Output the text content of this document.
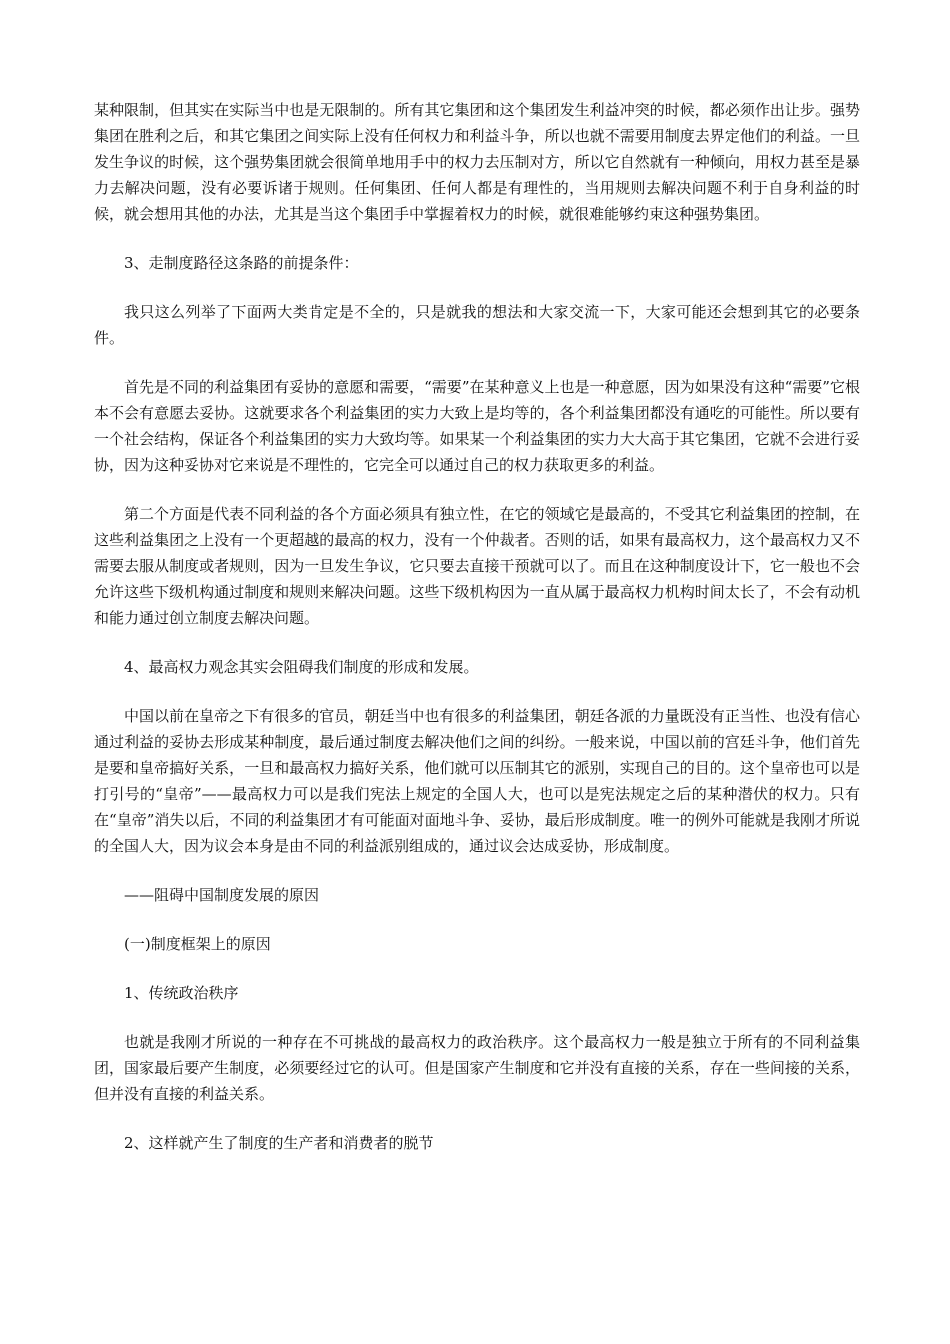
某种限制，但其实在实际当中也是无限制的。所有其它集团和这个集团发生利益冲突的时候，都必须作出让步。强势集团在胜利之后，和其它集团之间实际上没有任何权力和利益斗争，所以也就不需要用制度去界定他们的利益。一旦发生争议的时候，这个强势集团就会很简单地用手中的权力去压制对方，所以它自然就有一种倾向，用权力甚至是暴力去解决问题，没有必要诉诸于规则。任何集团、任何人都是有理性的，当用规则去解决问题不利于自身利益的时候，就会想用其他的办法，尤其是当这个集团手中掌握着权力的时候，就很难能够约束这种强势集团。

3、走制度路径这条路的前提条件：

我只这么列举了下面两大类肯定是不全的，只是就我的想法和大家交流一下，大家可能还会想到其它的必要条件。

首先是不同的利益集团有妥协的意愿和需要，“需要”在某种意义上也是一种意愿，因为如果没有这种“需要”它根本不会有意愿去妥协。这就要求各个利益集团的实力大致上是均等的，各个利益集团都没有通吃的可能性。所以要有一个社会结构，保证各个利益集团的实力大致均等。如果某一个利益集团的实力大大高于其它集团，它就不会进行妥协，因为这种妥协对它来说是不理性的，它完全可以通过自己的权力获取更多的利益。

第二个方面是代表不同利益的各个方面必须具有独立性，在它的领域它是最高的，不受其它利益集团的控制，在这些利益集团之上没有一个更超越的最高的权力，没有一个仲裁者。否则的话，如果有最高权力，这个最高权力又不需要去服从制度或者规则，因为一旦发生争议，它只要去直接干预就可以了。而且在这种制度设计下，它一般也不会允许这些下级机构通过制度和规则来解决问题。这些下级机构因为一直从属于最高权力机构时间太长了，不会有动机和能力通过创立制度去解决问题。

4、最高权力观念其实会阻碍我们制度的形成和发展。

中国以前在皇帝之下有很多的官员，朝廷当中也有很多的利益集团，朝廷各派的力量既没有正当性、也没有信心通过利益的妥协去形成某种制度，最后通过制度去解决他们之间的纠纷。一般来说，中国以前的宫廷斗争，他们首先是要和皇帝搞好关系，一旦和最高权力搞好关系，他们就可以压制其它的派别，实现自己的目的。这个皇帝也可以是打引号的“皇帝”——最高权力可以是我们宪法上规定的全国人大，也可以是宪法规定之后的某种潜伏的权力。只有在“皇帝”消失以后，不同的利益集团才有可能面对面地斗争、妥协，最后形成制度。唯一的例外可能就是我刚才所说的全国人大，因为议会本身是由不同的利益派别组成的，通过议会达成妥协，形成制度。

——阻碍中国制度发展的原因

(一)制度框架上的原因

1、传统政治秩序

也就是我刚才所说的一种存在不可挑战的最高权力的政治秩序。这个最高权力一般是独立于所有的不同利益集团，国家最后要产生制度，必须要经过它的认可。但是国家产生制度和它并没有直接的关系，存在一些间接的关系，但并没有直接的利益关系。

2、这样就产生了制度的生产者和消费者的脱节
